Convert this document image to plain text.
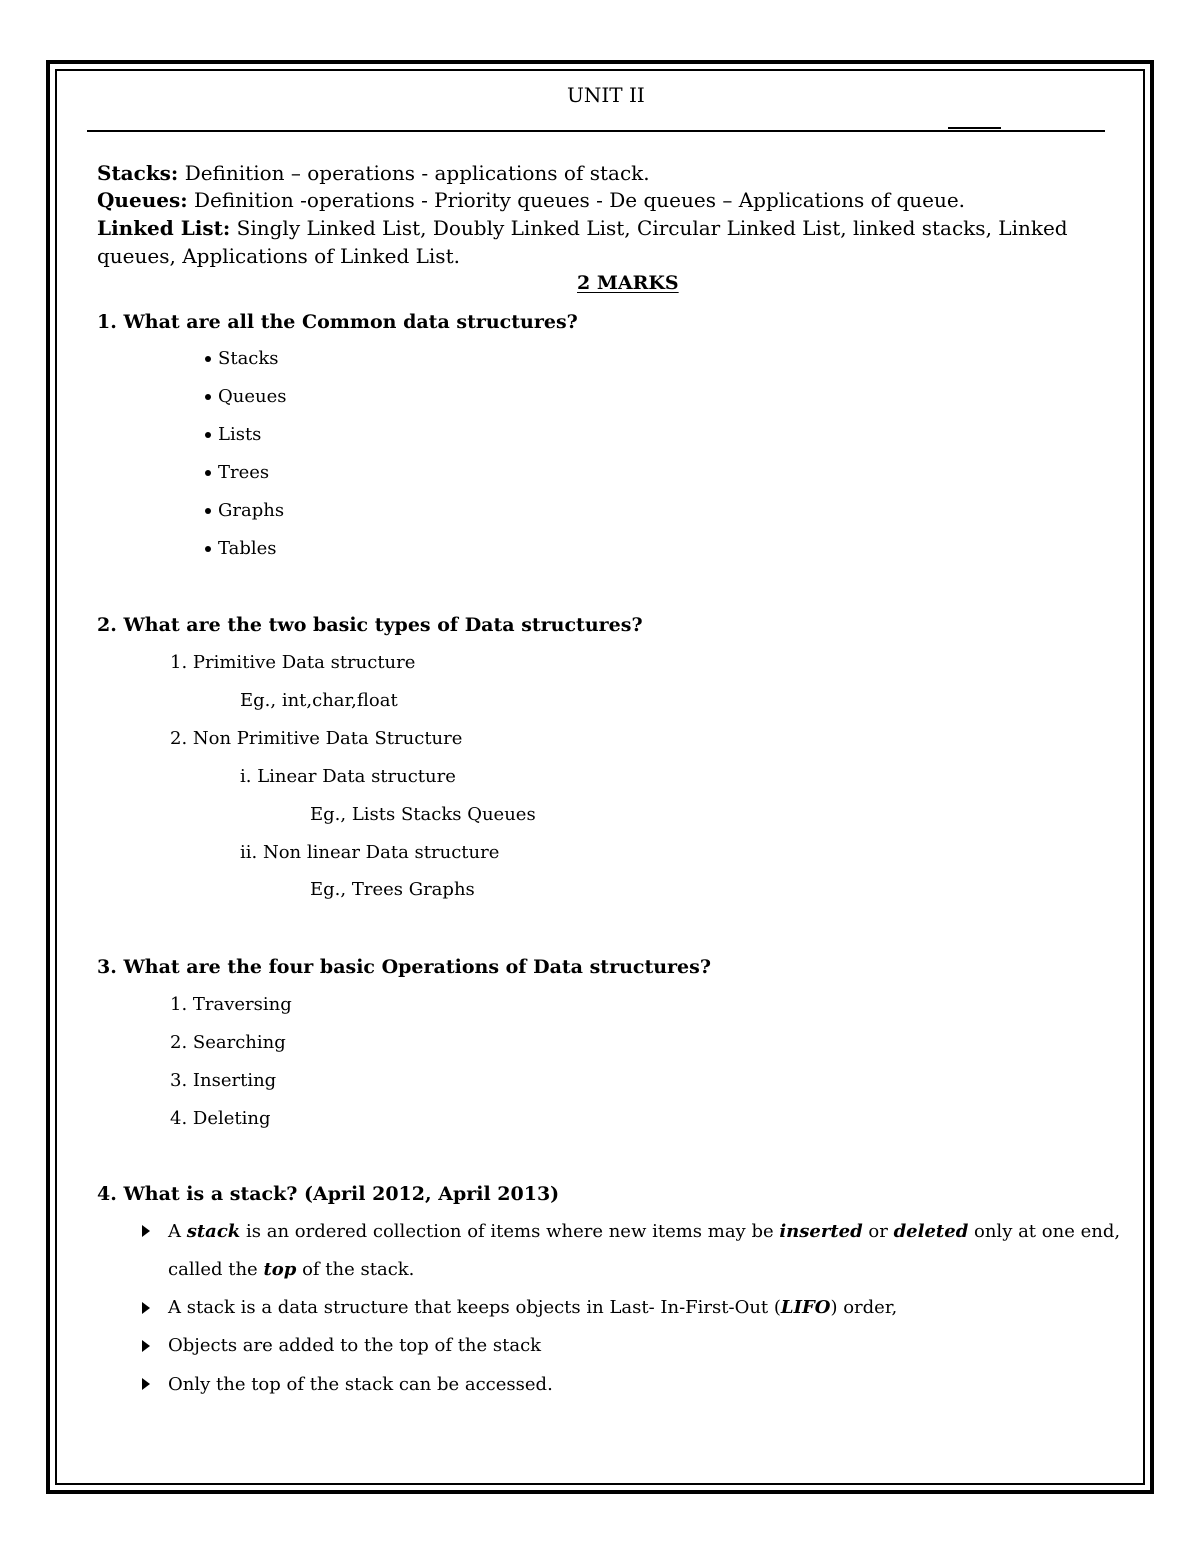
UNIT II
Stacks: Definition – operations - applications of stack.
Queues: Definition -operations - Priority queues - De queues – Applications of queue.
Linked List: Singly Linked List, Doubly Linked List, Circular Linked List, linked stacks, Linked
queues, Applications of Linked List.
2 MARKS
1. What are all the Common data structures?
Stacks
Queues
Lists
Trees
Graphs
Tables
2. What are the two basic types of Data structures?
1. Primitive Data structure
Eg., int,char,float
2. Non Primitive Data Structure
i. Linear Data structure
Eg., Lists Stacks Queues
ii. Non linear Data structure
Eg., Trees Graphs
3. What are the four basic Operations of Data structures?
1. Traversing
2. Searching
3. Inserting
4. Deleting
4. What is a stack? (April 2012, April 2013)
A stack is an ordered collection of items where new items may be inserted or deleted only at one end,
called the top of the stack.
A stack is a data structure that keeps objects in Last- In-First-Out (LIFO) order,
Objects are added to the top of the stack
Only the top of the stack can be accessed.
